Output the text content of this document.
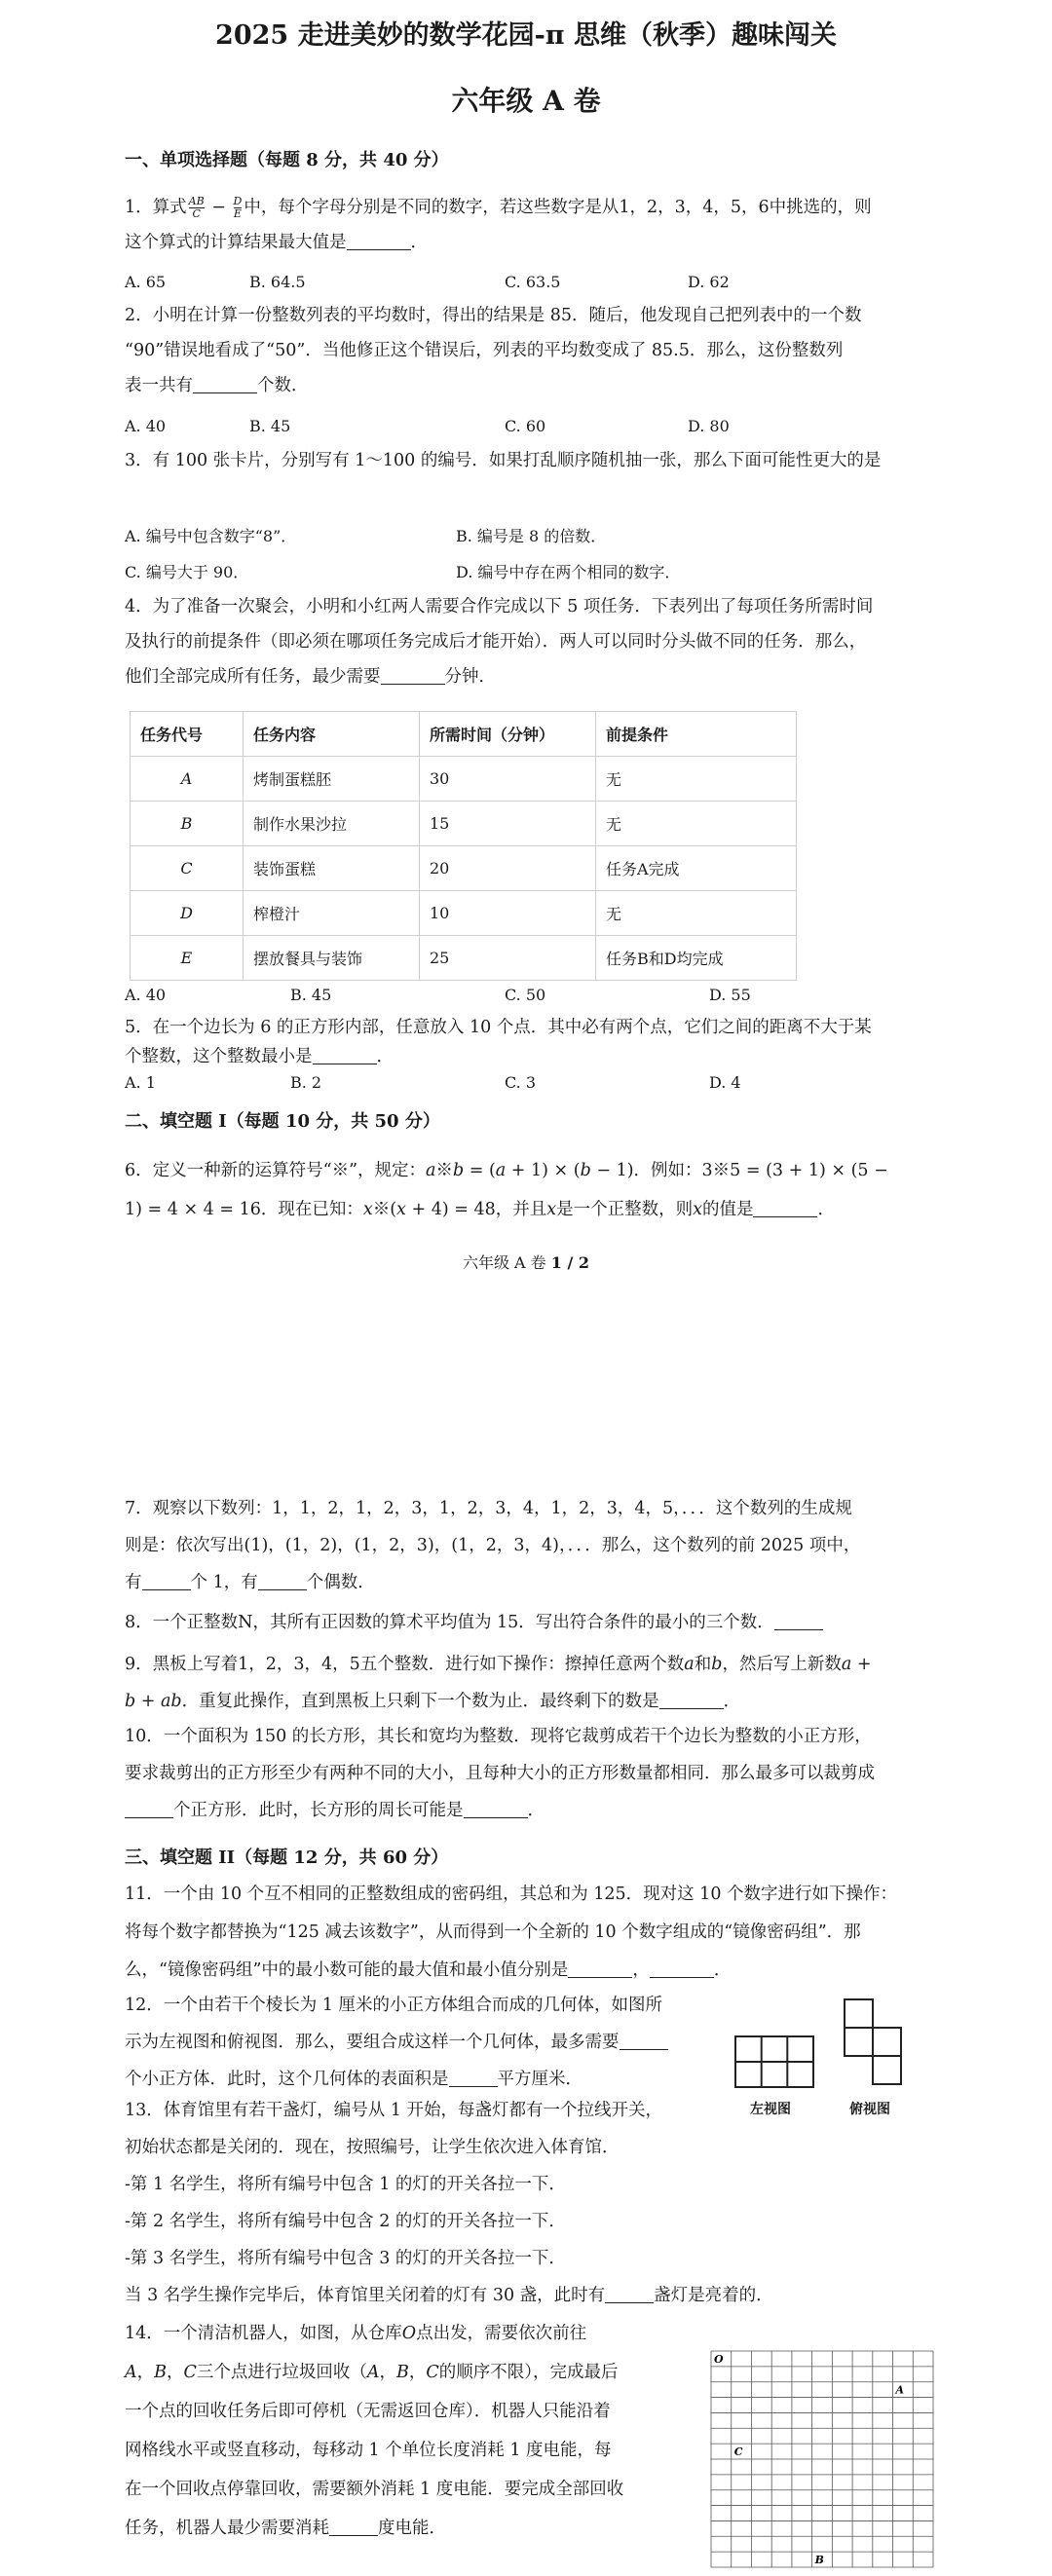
2025 走进美妙的数学花园-π 思维（秋季）趣味闯关
六年级 A 卷
一、单项选择题（每题 8 分，共 40 分）

1．算式 $\frac{AB}{C} - \frac{D}{E}$ 中，每个字母分别是不同的数字，若这些数字是从1，2，3，4，5，6中挑选的，则

这个算式的计算结果最大值是	．

A. 65	B. 64.5	C. 63.5	D. 62

2．小明在计算一份整数列表的平均数时，得出的结果是 85．随后，他发现自己把列表中的一个数

“90”错误地看成了“50”．当他修正这个错误后，列表的平均数变成了 85.5．那么，这份整数列

表一共有	个数．

A. 40	B. 45	C. 60	D. 80

3．有 100 张卡片，分别写有 1～100 的编号．如果打乱顺序随机抽一张，那么下面可能性更大的是

A. 编号中包含数字“8”．	B. 编号是 8 的倍数．
C. 编号大于 90．	D. 编号中存在两个相同的数字．

4．为了准备一次聚会，小明和小红两人需要合作完成以下 5 项任务．下表列出了每项任务所需时间

及执行的前提条件（即必须在哪项任务完成后才能开始）．两人可以同时分头做不同的任务．那么，

他们全部完成所有任务，最少需要	分钟．

任务代号	任务内容	所需时间（分钟）	前提条件
A	烤制蛋糕胚	30	无
B	制作水果沙拉	15	无
C	装饰蛋糕	20	任务A完成
D	榨橙汁	10	无
E	摆放餐具与装饰	25	任务B和D均完成
A. 40	B. 45	C. 50	D. 55

5．在一个边长为 6 的正方形内部，任意放入 10 个点．其中必有两个点，它们之间的距离不大于某

个整数，这个整数最小是	．

A. 1	B. 2	C. 3	D. 4
二、填空题 I（每题 10 分，共 50 分）

6．定义一种新的运算符号“※”，规定：𝑎※𝑏 = (𝑎 + 1) × (𝑏 − 1)．例如：3※5 = (3 + 1) × (5 −

1) = 4 × 4 = 16．现在已知：𝑥※(𝑥 + 4) = 48，并且𝑥是一个正整数，则𝑥的值是	．

六年级 A 卷 1 / 2

7．观察以下数列：1，1，2，1，2，3，1，2，3，4，1，2，3，4，5，．．．这个数列的生成规

则是：依次写出(1)，(1，2)，(1，2，3)，(1，2，3，4)，．．．那么，这个数列的前 2025 项中，

有	个 1，有	个偶数．

8．一个正整数N，其所有正因数的算术平均值为 15．写出符合条件的最小的三个数．

9．黑板上写着1，2，3，4，5五个整数．进行如下操作：擦掉任意两个数𝑎和𝑏，然后写上新数𝑎 +

𝑏 + 𝑎𝑏．重复此操作，直到黑板上只剩下一个数为止．最终剩下的数是	．

10．一个面积为 150 的长方形，其长和宽均为整数．现将它裁剪成若干个边长为整数的小正方形，

要求裁剪出的正方形至少有两种不同的大小，且每种大小的正方形数量都相同．那么最多可以裁剪成

个正方形．此时，长方形的周长可能是	．

三、填空题 II（每题 12 分，共 60 分）

11．一个由 10 个互不相同的正整数组成的密码组，其总和为 125．现对这 10 个数字进行如下操作：

将每个数字都替换为“125 减去该数字”，从而得到一个全新的 10 个数字组成的“镜像密码组”．那

么，“镜像密码组”中的最小数可能的最大值和最小值分别是	，	．

12．一个由若干个棱长为 1 厘米的小正方体组合而成的几何体，如图所

示为左视图和俯视图．那么，要组合成这样一个几何体，最多需要

个小正方体．此时，这个几何体的表面积是	平方厘米．

左视图	俯视图

13．体育馆里有若干盏灯，编号从 1 开始，每盏灯都有一个拉线开关，

初始状态都是关闭的．现在，按照编号，让学生依次进入体育馆．

-第 1 名学生，将所有编号中包含 1 的灯的开关各拉一下．

-第 2 名学生，将所有编号中包含 2 的灯的开关各拉一下．

-第 3 名学生，将所有编号中包含 3 的灯的开关各拉一下．

当 3 名学生操作完毕后，体育馆里关闭着的灯有 30 盏，此时有	盏灯是亮着的．

14．一个清洁机器人，如图，从仓库𝑂点出发，需要依次前往

𝐴，𝐵，𝐶三个点进行垃圾回收（𝐴，𝐵，𝐶的顺序不限），完成最后

一个点的回收任务后即可停机（无需返回仓库）．机器人只能沿着

网格线水平或竖直移动，每移动 1 个单位长度消耗 1 度电能，每

在一个回收点停靠回收，需要额外消耗 1 度电能．要完成全部回收

任务，机器人最少需要消耗	度电能．

O
A
B
C
